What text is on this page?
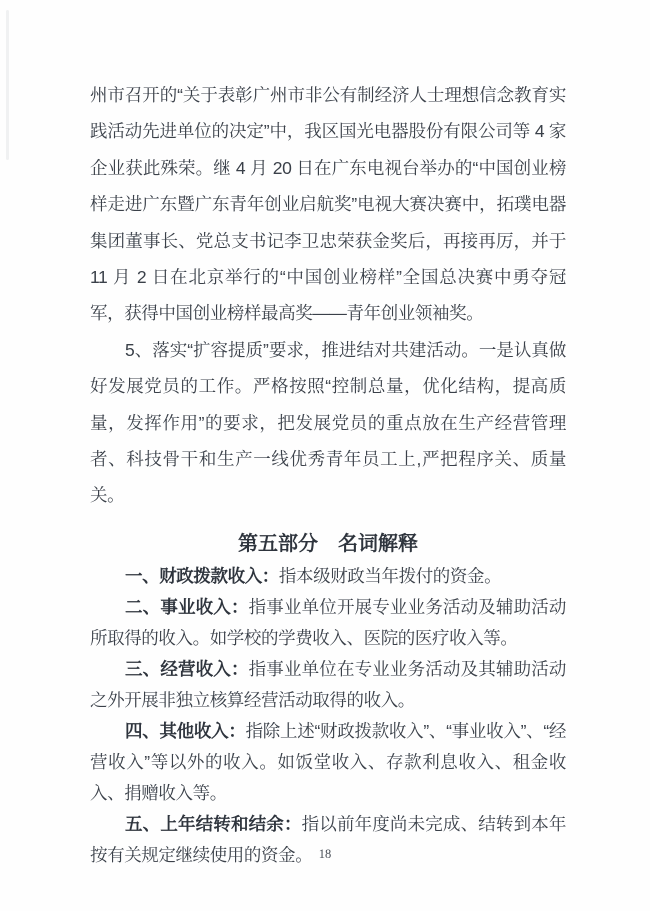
州市召开的“关于表彰广州市非公有制经济人士理想信念教育实践活动先进单位的决定”中，我区国光电器股份有限公司等 4 家企业获此殊荣。继 4 月 20 日在广东电视台举办的“中国创业榜样走进广东暨广东青年创业启航奖”电视大赛决赛中，拓璞电器集团董事长、党总支书记李卫忠荣获金奖后，再接再厉，并于 11 月 2 日在北京举行的“中国创业榜样”全国总决赛中勇夺冠军，获得中国创业榜样最高奖——青年创业领袖奖。

5、落实“扩容提质”要求，推进结对共建活动。一是认真做好发展党员的工作。严格按照“控制总量，优化结构，提高质量，发挥作用”的要求，把发展党员的重点放在生产经营管理者、科技骨干和生产一线优秀青年员工上,严把程序关、质量关。

第五部分　名词解释

一、财政拨款收入：指本级财政当年拨付的资金。

二、事业收入：指事业单位开展专业业务活动及辅助活动所取得的收入。如学校的学费收入、医院的医疗收入等。

三、经营收入：指事业单位在专业业务活动及其辅助活动之外开展非独立核算经营活动取得的收入。

四、其他收入：指除上述“财政拨款收入”、“事业收入”、“经营收入”等以外的收入。如饭堂收入、存款利息收入、租金收入、捐赠收入等。

五、上年结转和结余：指以前年度尚未完成、结转到本年按有关规定继续使用的资金。 18
